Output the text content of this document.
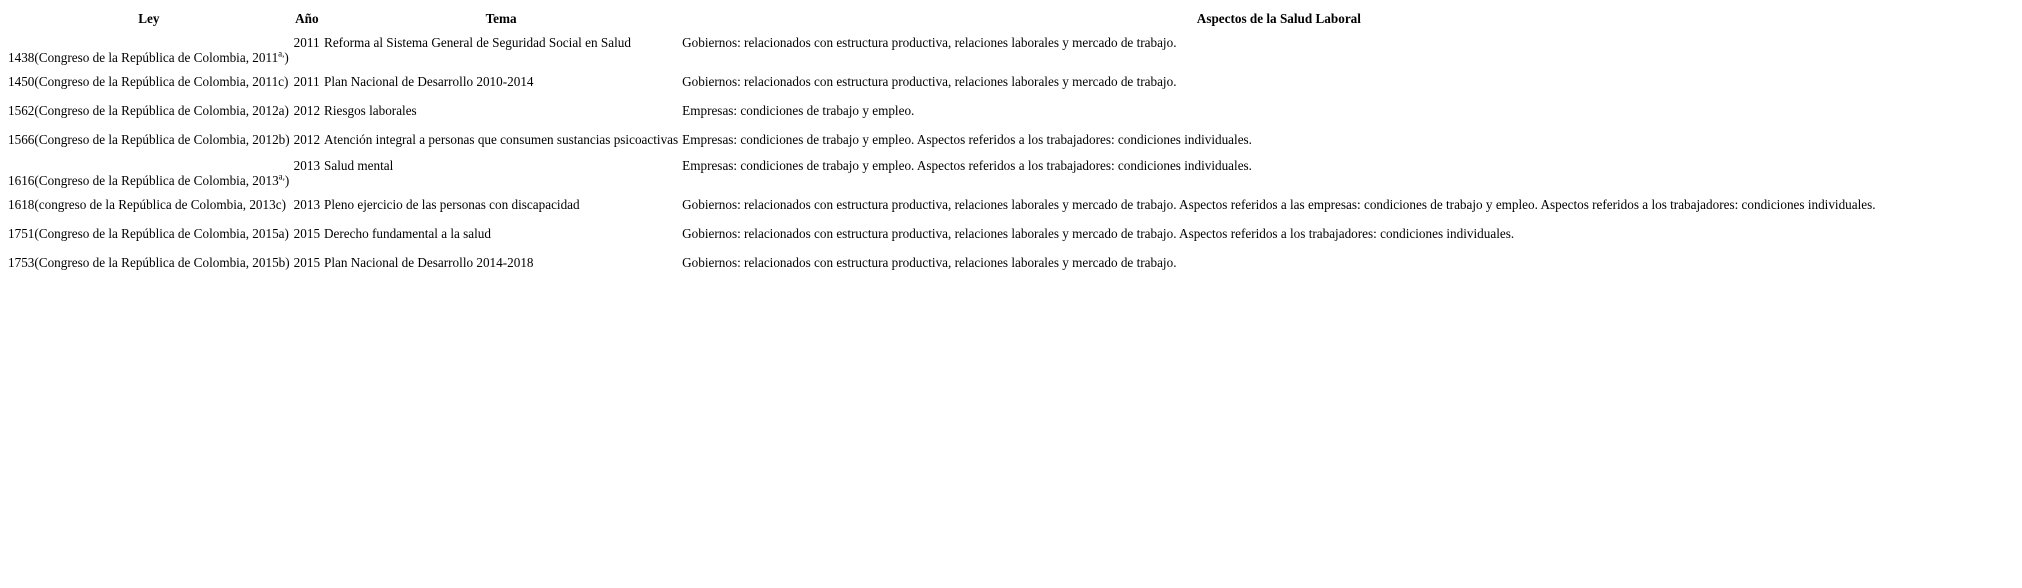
Ley	Año	Tema	Aspectos de la Salud Laboral
1438(Congreso de la República de Colombia, 2011$^{a,}$)	2011	Reforma al Sistema General de Seguridad Social en Salud	Gobiernos: relacionados con estructura productiva, relaciones laborales y mercado de trabajo.
1450(Congreso de la República de Colombia, 2011c)	2011	Plan Nacional de Desarrollo 2010-2014	Gobiernos: relacionados con estructura productiva, relaciones laborales y mercado de trabajo.
1562(Congreso de la República de Colombia, 2012a)	2012	Riesgos laborales	Empresas: condiciones de trabajo y empleo.
1566(Congreso de la República de Colombia, 2012b)	2012	Atención integral a personas que consumen sustancias psicoactivas	Empresas: condiciones de trabajo y empleo. Aspectos referidos a los trabajadores: condiciones individuales.
1616(Congreso de la República de Colombia, 2013$^{a,}$)	2013	Salud mental	Empresas: condiciones de trabajo y empleo. Aspectos referidos a los trabajadores: condiciones individuales.
1618(congreso de la República de Colombia, 2013c)	2013	Pleno ejercicio de las personas con discapacidad	Gobiernos: relacionados con estructura productiva, relaciones laborales y mercado de trabajo. Aspectos referidos a las empresas: condiciones de trabajo y empleo. Aspectos referidos a los trabajadores: condiciones individuales.
1751(Congreso de la República de Colombia, 2015a)	2015	Derecho fundamental a la salud	Gobiernos: relacionados con estructura productiva, relaciones laborales y mercado de trabajo. Aspectos referidos a los trabajadores: condiciones individuales.
1753(Congreso de la República de Colombia, 2015b)	2015	Plan Nacional de Desarrollo 2014-2018	Gobiernos: relacionados con estructura productiva, relaciones laborales y mercado de trabajo.
